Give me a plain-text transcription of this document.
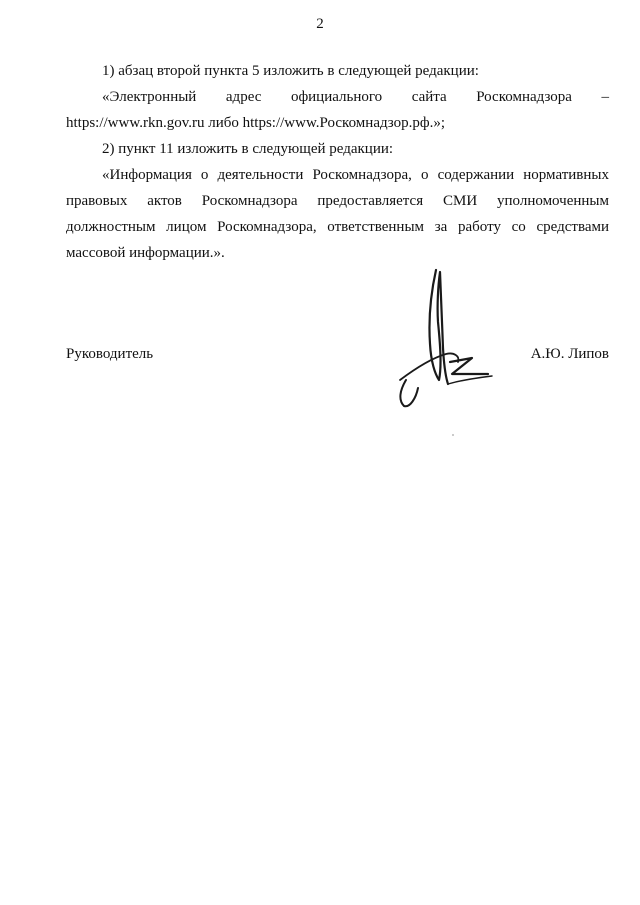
2

1) абзац второй пункта 5 изложить в следующей редакции:

«Электронный адрес официального сайта Роскомнадзора –

https://www.rkn.gov.ru либо https://www.Роскомнадзор.рф.»;

2) пункт 11 изложить в следующей редакции:

«Информация о деятельности Роскомнадзора, о содержании нормативных правовых актов Роскомнадзора предоставляется СМИ уполномоченным должностным лицом Роскомнадзора, ответственным за работу со средствами массовой информации.».

Руководитель	А.Ю. Липов
